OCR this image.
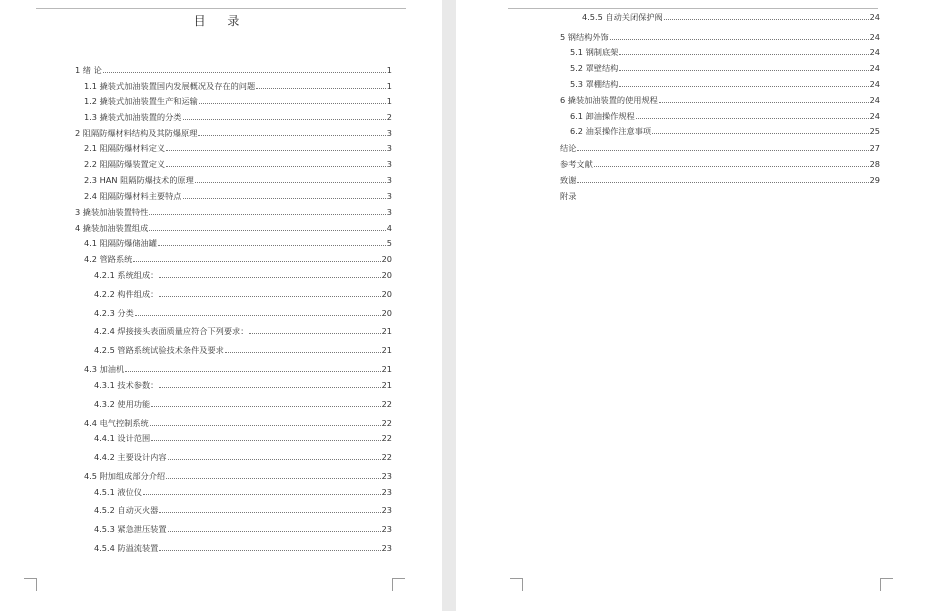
目 录
1 绪 论	1
1.1 撬装式加油装置国内发展概况及存在的问题	1
1.2 撬装式加油装置生产和运输	1
1.3 撬装式加油装置的分类	2
2 阻隔防爆材料结构及其防爆原理	3
2.1 阻隔防爆材料定义	3
2.2 阻隔防爆装置定义	3
2.3 HAN 阻隔防爆技术的原理	3
2.4 阻隔防爆材料主要特点	3
3 撬装加油装置特性	3
4 撬装加油装置组成	4
4.1 阻隔防爆储油罐	5
4.2 管路系统	20
4.2.1 系统组成：	20
4.2.2 构件组成：	20
4.2.3 分类	20
4.2.4 焊接接头表面质量应符合下列要求：	21
4.2.5 管路系统试验技术条件及要求	21
4.3 加油机	21
4.3.1 技术参数：	21
4.3.2 使用功能	22
4.4 电气控制系统	22
4.4.1 设计范围	22
4.4.2 主要设计内容	22
4.5 附加组成部分介绍	23
4.5.1 液位仪	23
4.5.2 自动灭火器	23
4.5.3 紧急泄压装置	23
4.5.4 防溢流装置	23
4.5.5 自动关闭保护阀	24
5 钢结构外饰	24
5.1 钢制底架	24
5.2 罩壁结构	24
5.3 罩棚结构	24
6 撬装加油装置的使用规程	24
6.1 卸油操作规程	24
6.2 油泵操作注意事项	25
结论	27
参考文献	28
致谢	29
附录
